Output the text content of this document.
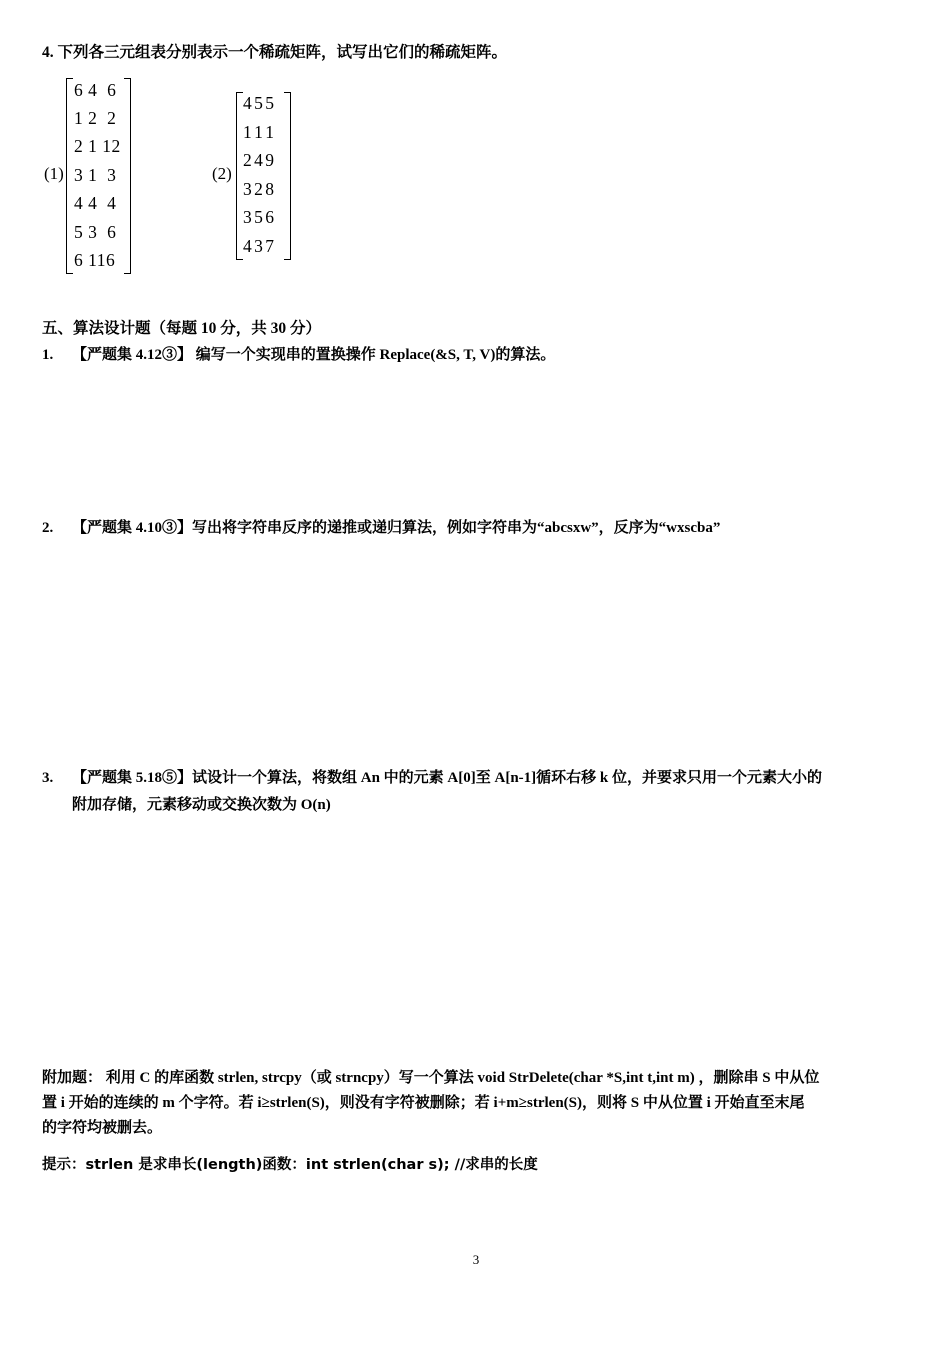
4. 下列各三元组表分别表示一个稀疏矩阵，试写出它们的稀疏矩阵。
(1)
6 4  6
1 2  2
2 1 12
3 1  3
4 4  4
5 3  6
6 116
(2)
4 5 5
1 1 1
2 4 9
3 2 8
3 5 6
4 3 7
五、算法设计题（每题 10 分，共 30 分）
1. 【严题集 4.12③】 编写一个实现串的置换操作 Replace(&S, T, V)的算法。
2. 【严题集 4.10③】写出将字符串反序的递推或递归算法，例如字符串为“abcsxw”，反序为“wxscba”
3. 【严题集 5.18⑤】试设计一个算法，将数组 An 中的元素 A[0]至 A[n-1]循环右移 k 位，并要求只用一个元素大小的
附加存储，元素移动或交换次数为 O(n)
附加题： 利用 C 的库函数 strlen, strcpy（或 strncpy）写一个算法 void StrDelete(char *S,int t,int m) ，删除串 S 中从位
置 i 开始的连续的 m 个字符。若 i≥strlen(S)，则没有字符被删除；若 i+m≥strlen(S)，则将 S 中从位置 i 开始直至末尾
的字符均被删去。
提示：strlen 是求串长(length)函数：int strlen(char s); //求串的长度
3
